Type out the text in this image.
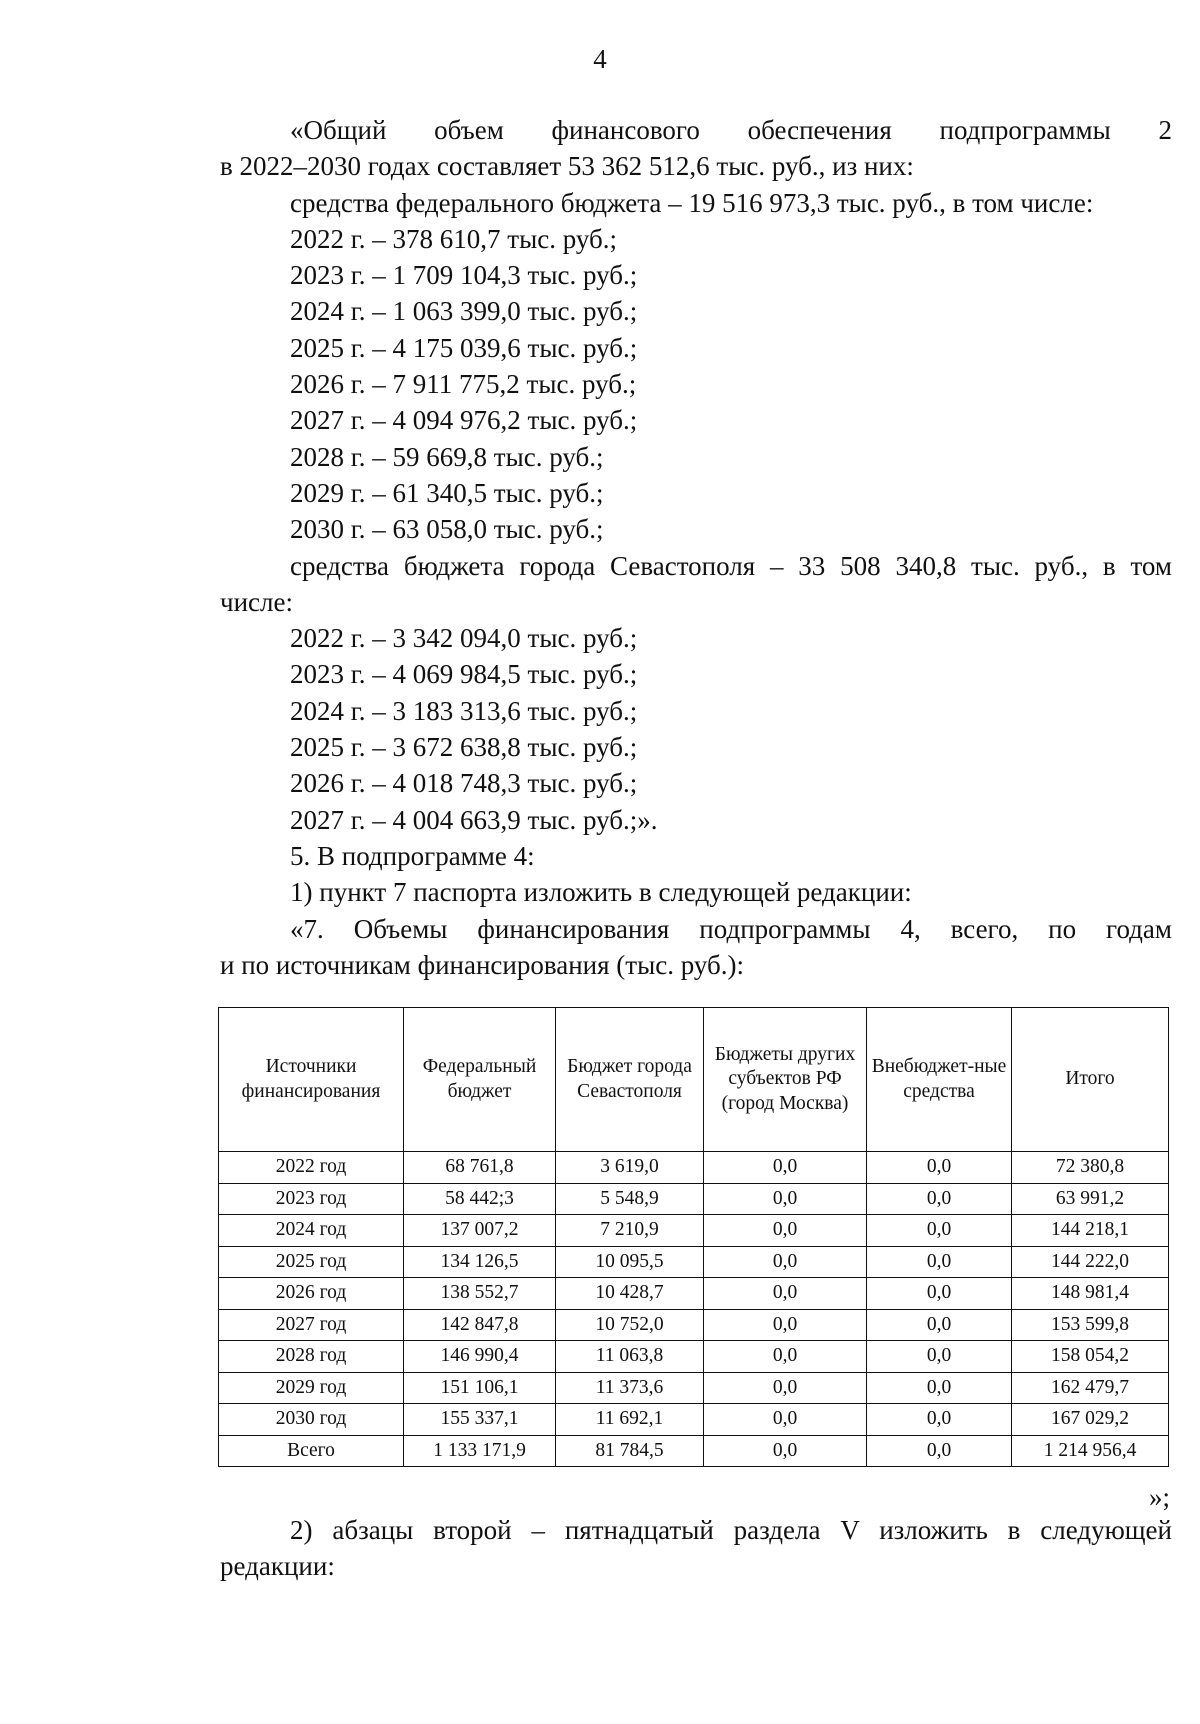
4

«Общий объем финансового обеспечения подпрограммы 2

в 2022–2030 годах составляет 53 362 512,6 тыс. руб., из них:

средства федерального бюджета – 19 516 973,3 тыс. руб., в том числе:

2022 г. – 378 610,7 тыс. руб.;

2023 г. – 1 709 104,3 тыс. руб.;

2024 г. – 1 063 399,0 тыс. руб.;

2025 г. – 4 175 039,6 тыс. руб.;

2026 г. – 7 911 775,2 тыс. руб.;

2027 г. – 4 094 976,2 тыс. руб.;

2028 г. – 59 669,8 тыс. руб.;

2029 г. – 61 340,5 тыс. руб.;

2030 г. – 63 058,0 тыс. руб.;

средства бюджета города Севастополя – 33 508 340,8 тыс. руб., в том

числе:

2022 г. – 3 342 094,0 тыс. руб.;

2023 г. – 4 069 984,5 тыс. руб.;

2024 г. – 3 183 313,6 тыс. руб.;

2025 г. – 3 672 638,8 тыс. руб.;

2026 г. – 4 018 748,3 тыс. руб.;

2027 г. – 4 004 663,9 тыс. руб.;».

5. В подпрограмме 4:

1) пункт 7 паспорта изложить в следующей редакции:

«7. Объемы финансирования подпрограммы 4, всего, по годам

и по источникам финансирования (тыс. руб.):

Источники финансирования	Федеральный бюджет	Бюджет города Севастополя	Бюджеты других субъектов РФ (город Москва)	Внебюджет-ные средства	Итого
2022 год	68 761,8	3 619,0	0,0	0,0	72 380,8
2023 год	58 442;3	5 548,9	0,0	0,0	63 991,2
2024 год	137 007,2	7 210,9	0,0	0,0	144 218,1
2025 год	134 126,5	10 095,5	0,0	0,0	144 222,0
2026 год	138 552,7	10 428,7	0,0	0,0	148 981,4
2027 год	142 847,8	10 752,0	0,0	0,0	153 599,8
2028 год	146 990,4	11 063,8	0,0	0,0	158 054,2
2029 год	151 106,1	11 373,6	0,0	0,0	162 479,7
2030 год	155 337,1	11 692,1	0,0	0,0	167 029,2
Всего	1 133 171,9	81 784,5	0,0	0,0	1 214 956,4
»;

2) абзацы второй – пятнадцатый раздела V изложить в следующей

редакции:
